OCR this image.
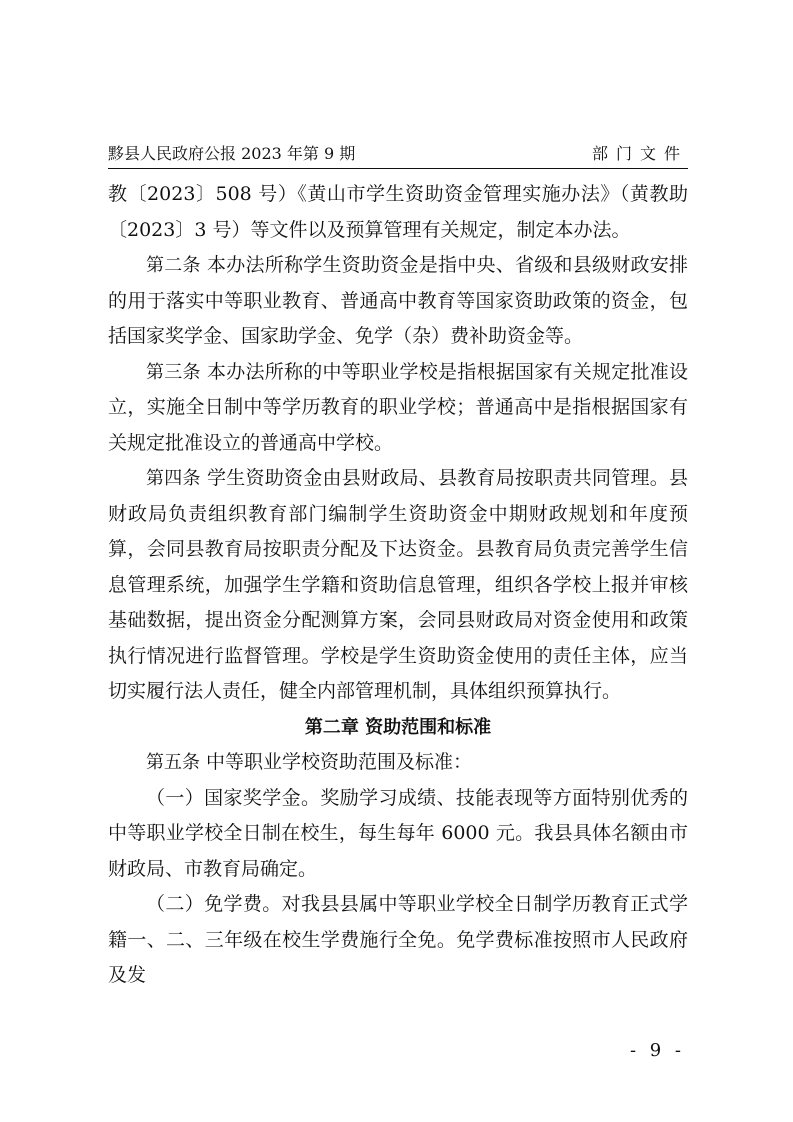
黟县人民政府公报 2023 年第 9 期	部门文件

教〔2023〕508 号）《黄山市学生资助资金管理实施办法》（黄教助〔2023〕3 号）等文件以及预算管理有关规定，制定本办法。

第二条 本办法所称学生资助资金是指中央、省级和县级财政安排的用于落实中等职业教育、普通高中教育等国家资助政策的资金，包括国家奖学金、国家助学金、免学（杂）费补助资金等。

第三条 本办法所称的中等职业学校是指根据国家有关规定批准设立，实施全日制中等学历教育的职业学校；普通高中是指根据国家有关规定批准设立的普通高中学校。

第四条 学生资助资金由县财政局、县教育局按职责共同管理。县财政局负责组织教育部门编制学生资助资金中期财政规划和年度预算，会同县教育局按职责分配及下达资金。县教育局负责完善学生信息管理系统，加强学生学籍和资助信息管理，组织各学校上报并审核基础数据，提出资金分配测算方案，会同县财政局对资金使用和政策执行情况进行监督管理。学校是学生资助资金使用的责任主体，应当切实履行法人责任，健全内部管理机制，具体组织预算执行。

第二章 资助范围和标准

第五条 中等职业学校资助范围及标准：

（一）国家奖学金。奖励学习成绩、技能表现等方面特别优秀的中等职业学校全日制在校生，每生每年 6000 元。我县具体名额由市财政局、市教育局确定。

（二）免学费。对我县县属中等职业学校全日制学历教育正式学籍一、二、三年级在校生学费施行全免。免学费标准按照市人民政府及发

- 9 -
